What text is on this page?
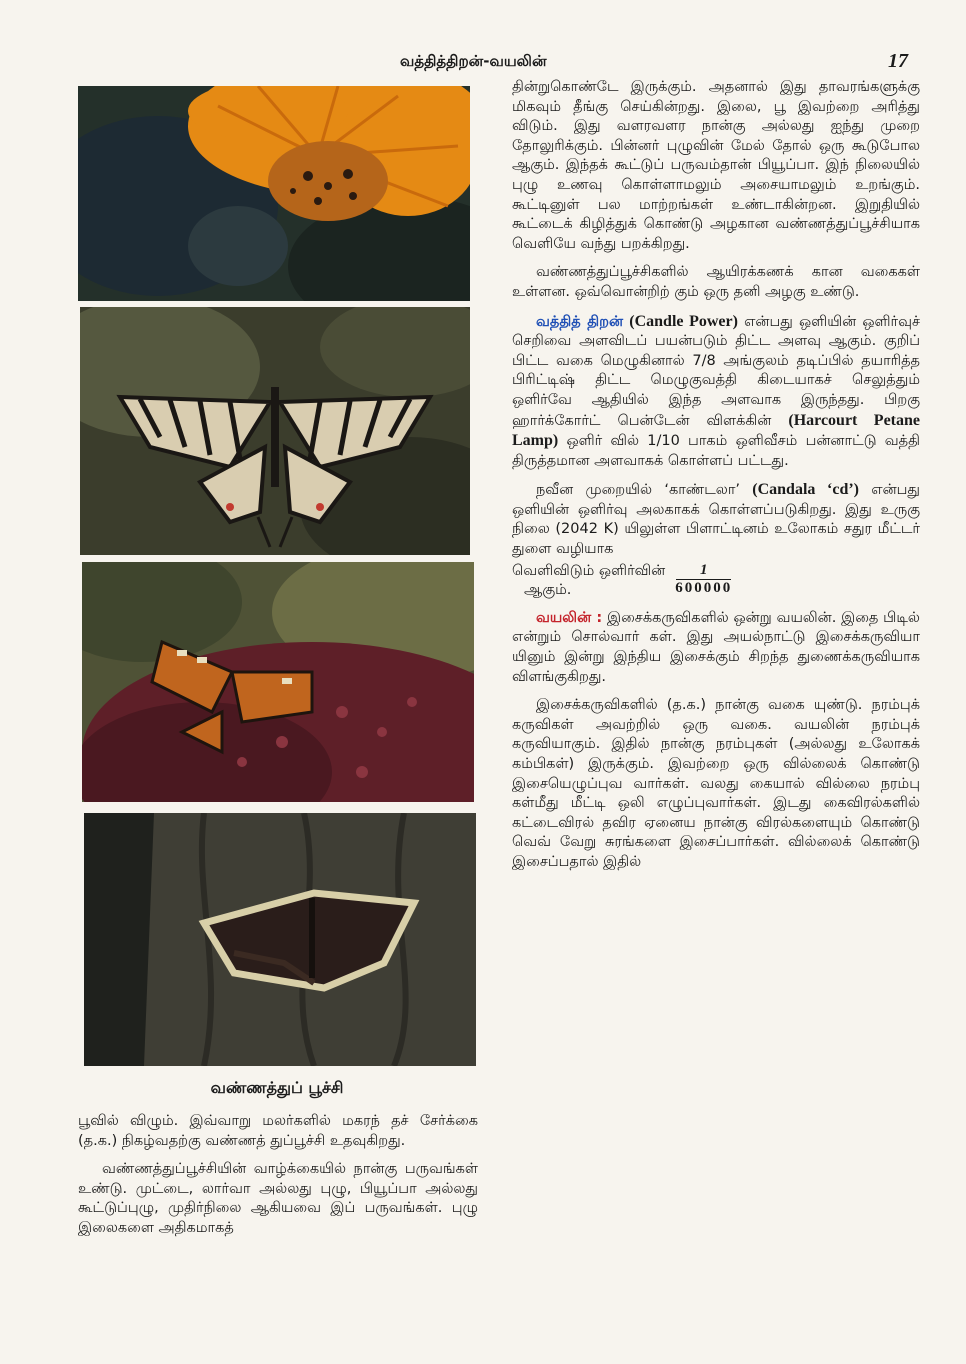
வத்தித்திறன்-வயலின்	17
வண்ணத்துப் பூச்சி

பூவில் விழும். இவ்வாறு மலர்களில் மகரந் தச் சேர்க்கை (த.க.) நிகழ்வதற்கு வண்ணத் துப்பூச்சி உதவுகிறது.

வண்ணத்துப்பூச்சியின் வாழ்க்கையில் நான்கு பருவங்கள் உண்டு. முட்டை, லார்வா அல்லது புழு, பியூப்பா அல்லது கூட்டுப்புழு, முதிர்நிலை ஆகியவை இப் பருவங்கள். புழு இலைகளை அதிகமாகத்

தின்றுகொண்டே இருக்கும். அதனால் இது தாவரங்களுக்கு மிகவும் தீங்கு செய்கின்றது. இலை, பூ இவற்றை அரித்து விடும். இது வளரவளர நான்கு அல்லது ஐந்து முறை தோலுரிக்கும். பின்னர் புழுவின் மேல் தோல் ஒரு கூடுபோல ஆகும். இந்தக் கூட்டுப் பருவம்தான் பியூப்பா. இந் நிலையில் புழு உணவு கொள்ளாமலும் அசையாமலும் உறங்கும். கூட்டினுள் பல மாற்றங்கள் உண்டாகின்றன. இறுதியில் கூட்டைக் கிழித்துக் கொண்டு அழகான வண்ணத்துப்பூச்சியாக வெளியே வந்து பறக்கிறது.

வண்ணத்துப்பூச்சிகளில் ஆயிரக்கணக் கான வகைகள் உள்ளன. ஒவ்வொன்றிற் கும் ஒரு தனி அழகு உண்டு.

வத்தித் திறன் (Candle Power) என்பது ஒளியின் ஒளிர்வுச் செறிவை அளவிடப் பயன்படும் திட்ட அளவு ஆகும். குறிப் பிட்ட வகை மெழுகினால் 7/8 அங்குலம் தடிப்பில் தயாரித்த பிரிட்டிஷ் திட்ட மெழுகுவத்தி கிடையாகச் செலுத்தும் ஒளிர்வே ஆதியில் இந்த அளவாக இருந்தது. பிறகு ஹார்க்கோர்ட் பென்டேன் விளக்கின் (Harcourt Petane Lamp) ஒளிர் வில் 1/10 பாகம் ஒளிவீசம் பன்னாட்டு வத்தி திருத்தமான அளவாகக் கொள்ளப் பட்டது.

நவீன முறையில் ‘காண்டலா’ (Candala ‘cd’) என்பது ஒளியின் ஒளிர்வு அலகாகக் கொள்ளப்படுகிறது. இது உருகு நிலை (2042 K) யிலுள்ள பிளாட்டினம் உலோகம் சதுர மீட்டர் துளை வழியாக

வெளிவிடும் ஒளிர்வின்
ஆகும்.	$\frac{1}{600000}$

வயலின் : இசைக்கருவிகளில் ஒன்று வயலின். இதை பிடில் என்றும் சொல்வார் கள். இது அயல்நாட்டு இசைக்கருவியா யினும் இன்று இந்திய இசைக்கும் சிறந்த துணைக்கருவியாக விளங்குகிறது.

இசைக்கருவிகளில் (த.க.) நான்கு வகை யுண்டு. நரம்புக் கருவிகள் அவற்றில் ஒரு வகை. வயலின் நரம்புக் கருவியாகும். இதில் நான்கு நரம்புகள் (அல்லது உலோகக் கம்பிகள்) இருக்கும். இவற்றை ஒரு வில்லைக் கொண்டு இசையெழுப்புவ வார்கள். வலது கையால் வில்லை நரம்பு கள்மீது மீட்டி ஒலி எழுப்புவார்கள். இடது கைவிரல்களில் கட்டைவிரல் தவிர ஏனைய நான்கு விரல்களையும் கொண்டு வெவ் வேறு சுரங்களை இசைப்பார்கள். வில்லைக் கொண்டு இசைப்பதால் இதில்
